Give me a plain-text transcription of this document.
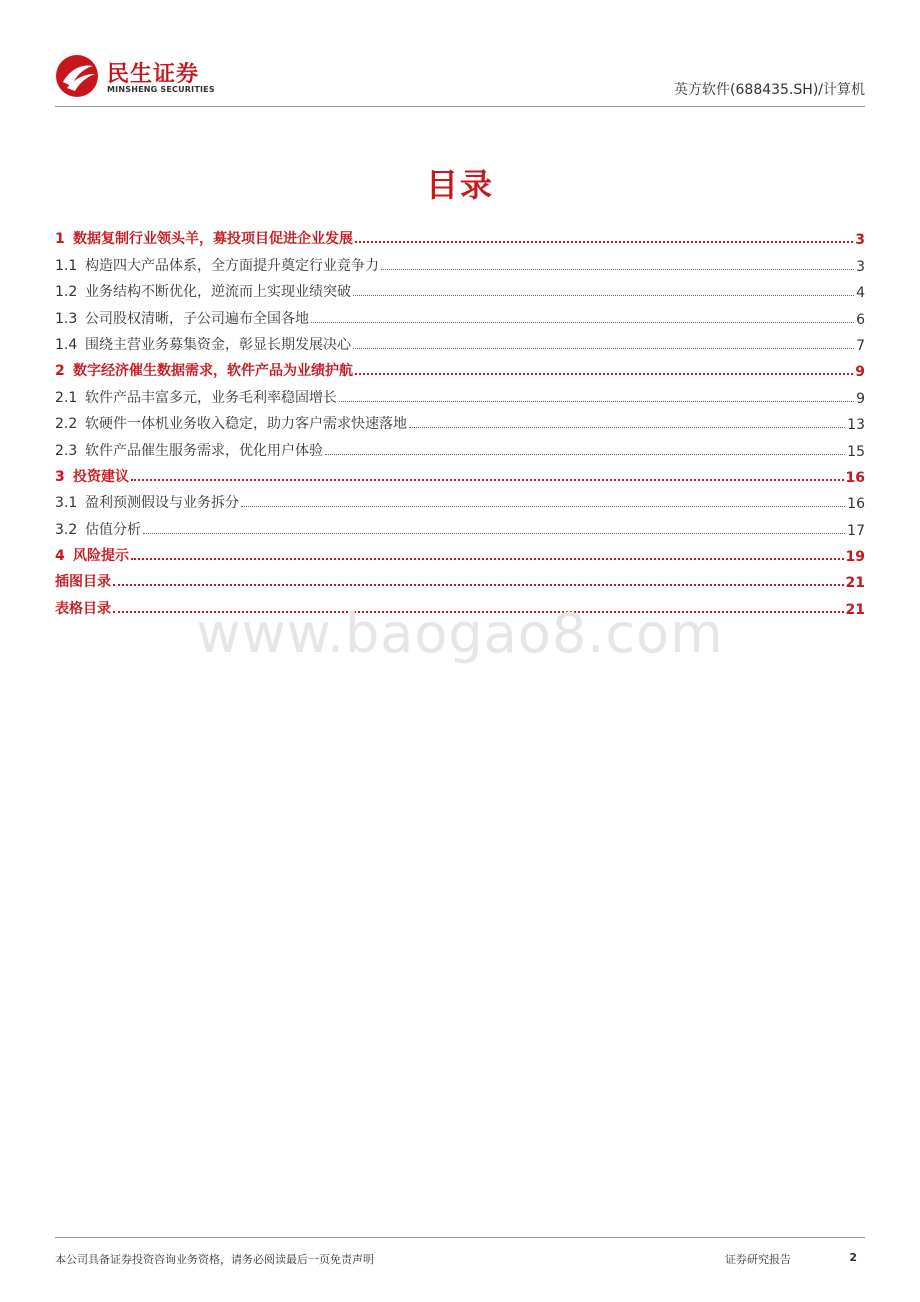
民生证券
MINSHENG SECURITIES	英方软件(688435.SH)/计算机
目录
1 数据复制行业领头羊，募投项目促进企业发展	3
1.1 构造四大产品体系，全方面提升奠定行业竞争力	3
1.2 业务结构不断优化，逆流而上实现业绩突破	4
1.3 公司股权清晰，子公司遍布全国各地	6
1.4 围绕主营业务募集资金，彰显长期发展决心	7
2 数字经济催生数据需求，软件产品为业绩护航	9
2.1 软件产品丰富多元，业务毛利率稳固增长	9
2.2 软硬件一体机业务收入稳定，助力客户需求快速落地	13
2.3 软件产品催生服务需求，优化用户体验	15
3 投资建议	16
3.1 盈利预测假设与业务拆分	16
3.2 估值分析	17
4 风险提示	19
插图目录	21
表格目录	21
www.baogao8.com
本公司具备证券投资咨询业务资格，请务必阅读最后一页免责声明	证券研究报告	2
